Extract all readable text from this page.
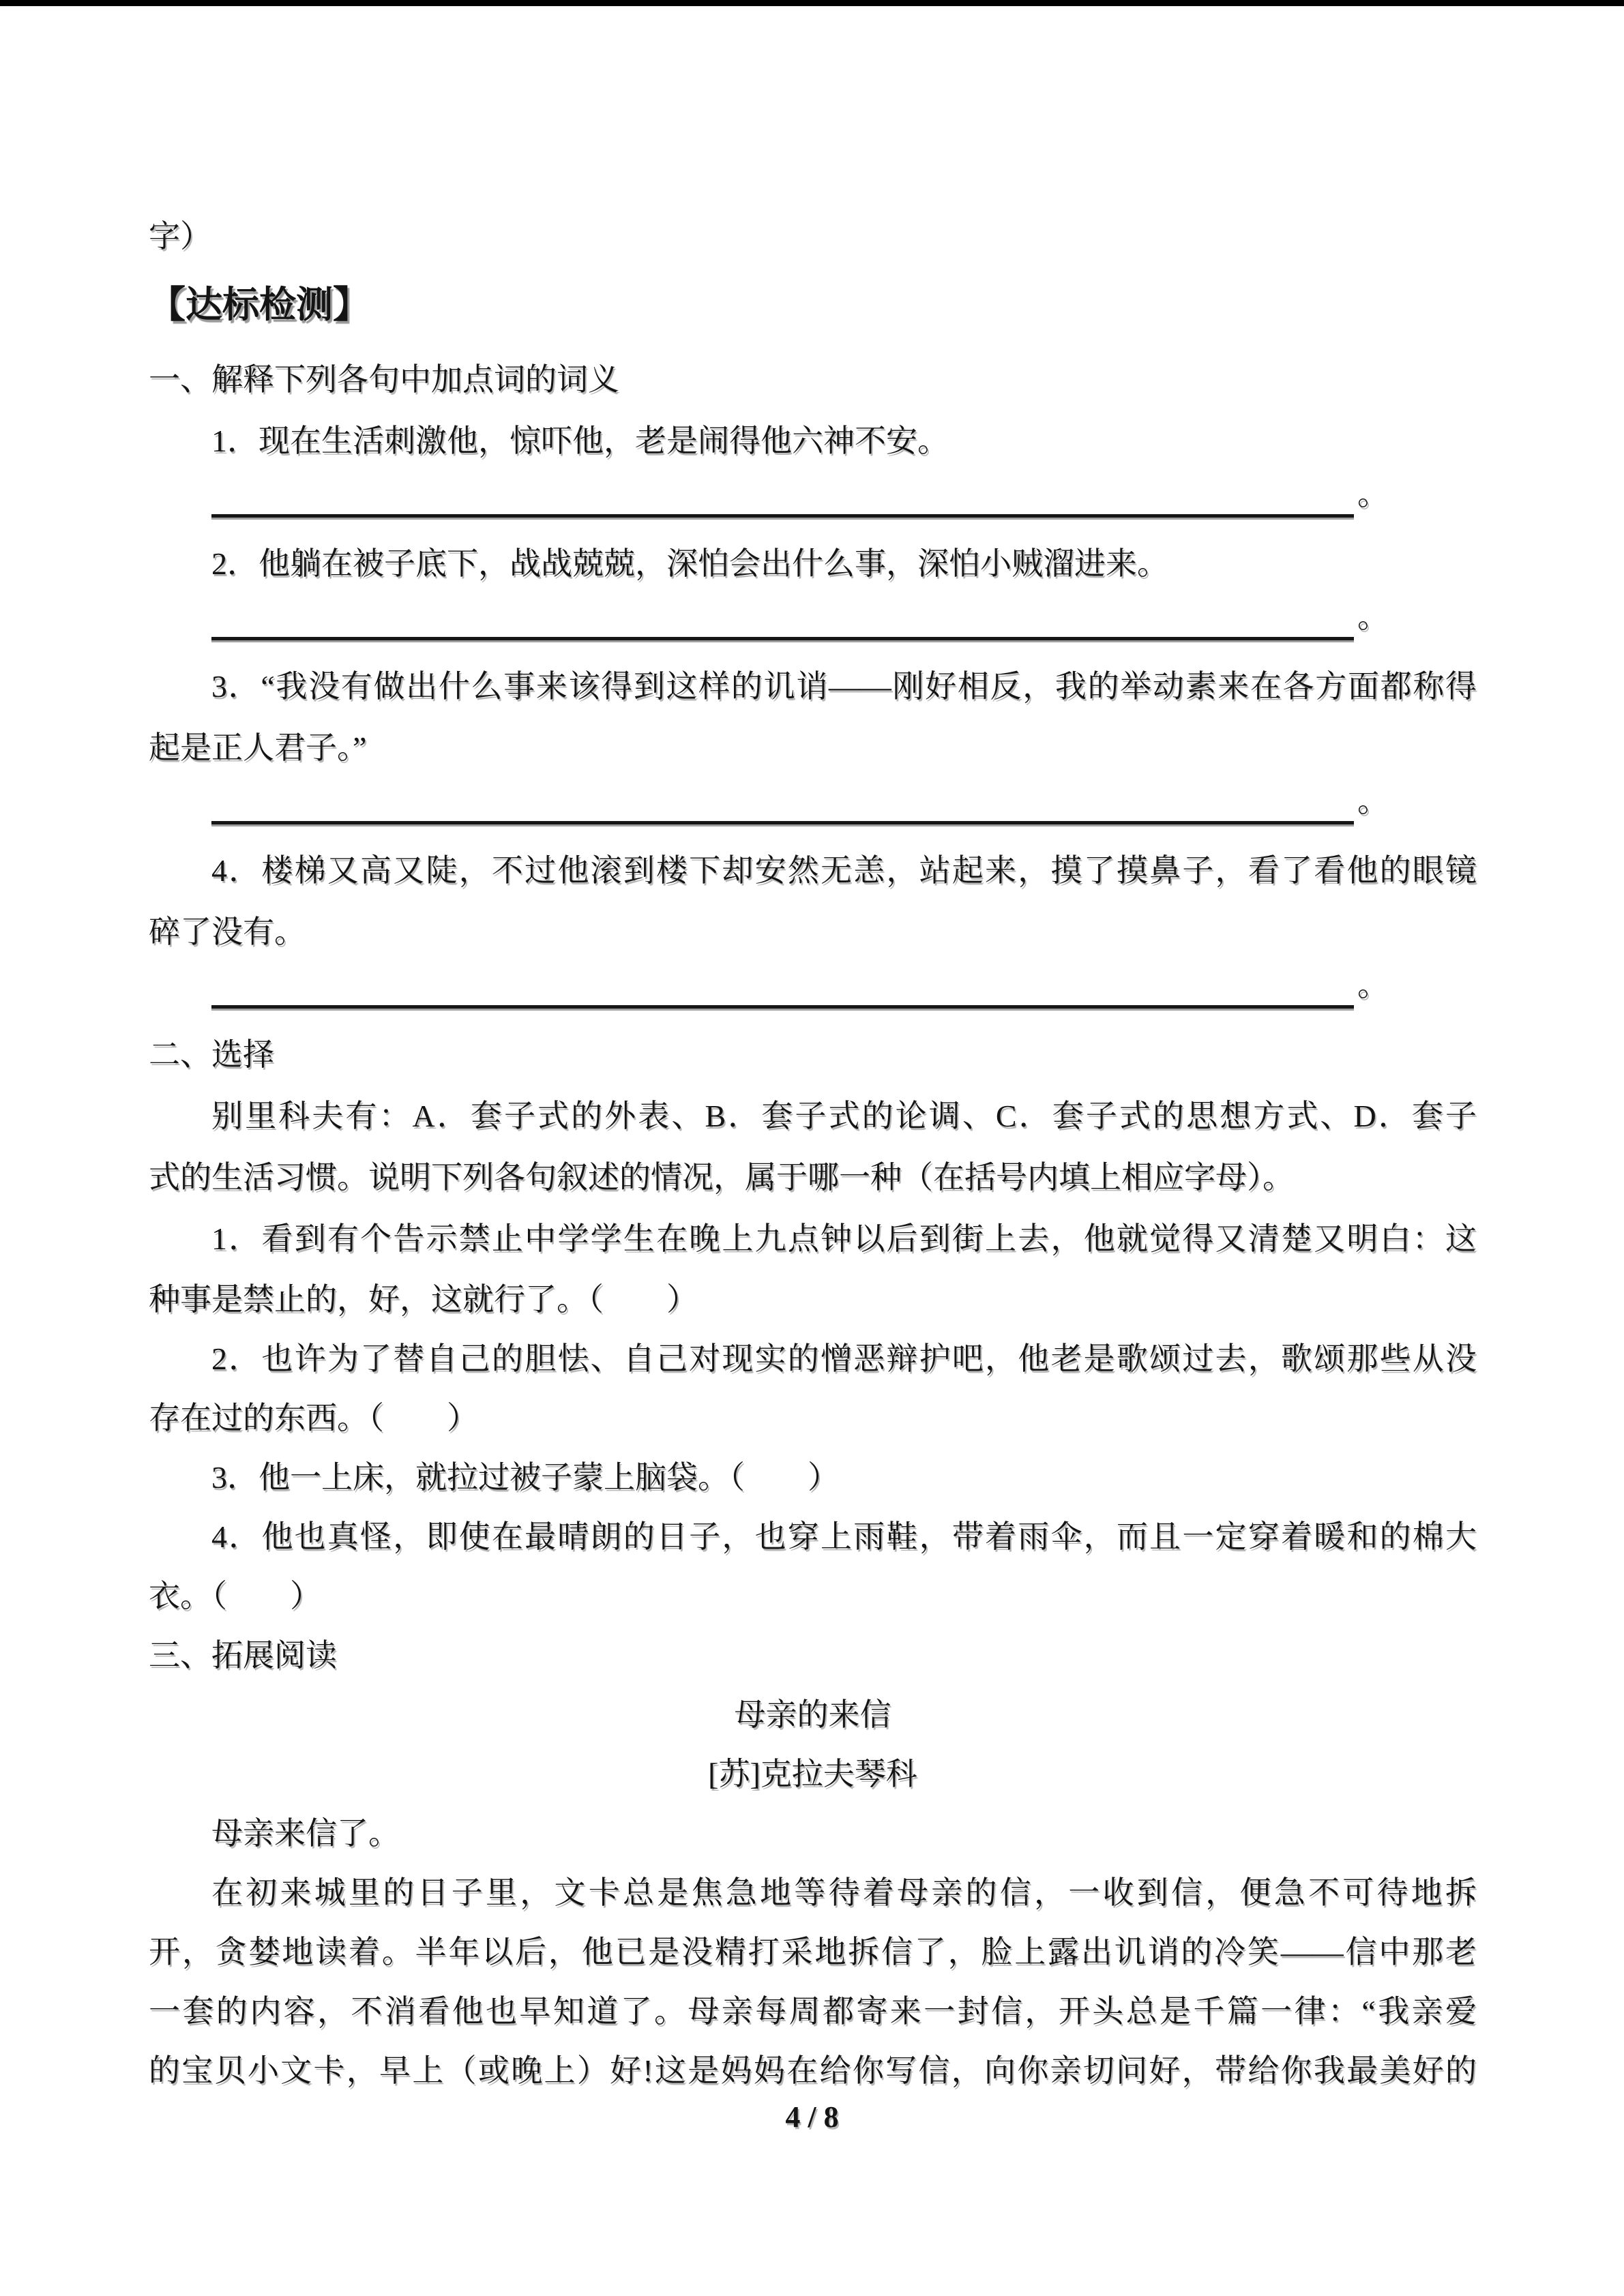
字）
【达标检测】
一、解释下列各句中加点词的词义
1．现在生活刺激他，惊吓他，老是闹得他六神不安。
。
2．他躺在被子底下，战战兢兢，深怕会出什么事，深怕小贼溜进来。
。
3．“我没有做出什么事来该得到这样的讥诮——刚好相反，我的举动素来在各方面都称得
起是正人君子。”
。
4．楼梯又高又陡，不过他滚到楼下却安然无恙，站起来，摸了摸鼻子，看了看他的眼镜
碎了没有。
。
二、选择
别里科夫有：A．套子式的外表、B．套子式的论调、C．套子式的思想方式、D．套子
式的生活习惯。说明下列各句叙述的情况，属于哪一种（在括号内填上相应字母）。
1．看到有个告示禁止中学学生在晚上九点钟以后到街上去，他就觉得又清楚又明白：这
种事是禁止的，好，这就行了。（　　）
2．也许为了替自己的胆怯、自己对现实的憎恶辩护吧，他老是歌颂过去，歌颂那些从没
存在过的东西。（　　）
3．他一上床，就拉过被子蒙上脑袋。（　　）
4．他也真怪，即使在最晴朗的日子，也穿上雨鞋，带着雨伞，而且一定穿着暖和的棉大
衣。（　　）
三、拓展阅读
母亲的来信
[苏]克拉夫琴科
母亲来信了。
在初来城里的日子里，文卡总是焦急地等待着母亲的信，一收到信，便急不可待地拆
开，贪婪地读着。半年以后，他已是没精打采地拆信了，脸上露出讥诮的冷笑——信中那老
一套的内容，不消看他也早知道了。母亲每周都寄来一封信，开头总是千篇一律：“我亲爱
的宝贝小文卡，早上（或晚上）好!这是妈妈在给你写信，向你亲切问好，带给你我最美好的
4 / 8
